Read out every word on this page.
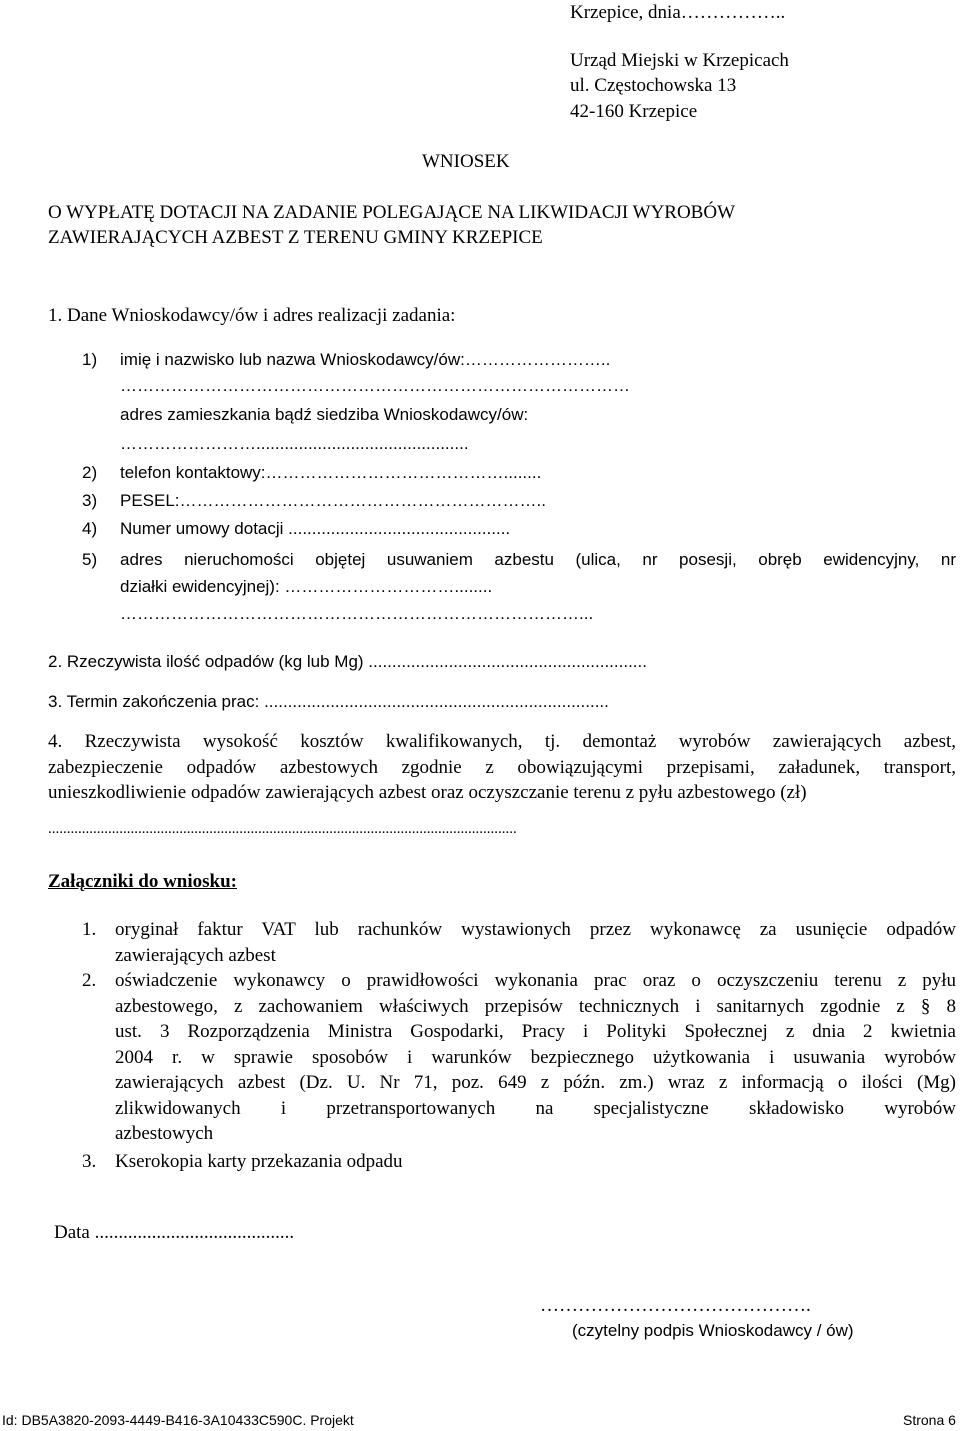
Krzepice, dnia……………..
Urząd Miejski w Krzepicach
ul. Częstochowska 13
42-160 Krzepice
WNIOSEK
O WYPŁATĘ DOTACJI NA ZADANIE POLEGAJĄCE NA LIKWIDACJI WYROBÓW
ZAWIERAJĄCYCH AZBEST Z TERENU GMINY KRZEPICE
1. Dane Wnioskodawcy/ów i adres realizacji zadania:
1) imię i nazwisko lub nazwa Wnioskodawcy/ów:……………………..
………………………………………………………………………………
adres zamieszkania bądź siedziba Wnioskodawcy/ów:
…………………….............................................
2) telefon kontaktowy:……………………………………........
3) PESEL:………………………………………………………..
4) Numer umowy dotacji ...............................................
5) adres nieruchomości objętej usuwaniem azbestu (ulica, nr posesji, obręb ewidencyjny, nr
działki ewidencyjnej): …………………………........
………………………………………………………………………...
2. Rzeczywista ilość odpadów (kg lub Mg) ...........................................................
3. Termin zakończenia prac: .........................................................................
4. Rzeczywista wysokość kosztów kwalifikowanych, tj. demontaż wyrobów zawierających azbest,
zabezpieczenie odpadów azbestowych zgodnie z obowiązującymi przepisami, załadunek, transport,
unieszkodliwienie odpadów zawierających azbest oraz oczyszczanie terenu z pyłu azbestowego (zł)
.............................................................................................................................
Załączniki do wniosku:
1. oryginał faktur VAT lub rachunków wystawionych przez wykonawcę za usunięcie odpadów
zawierających azbest
2. oświadczenie wykonawcy o prawidłowości wykonania prac oraz o oczyszczeniu terenu z pyłu
azbestowego, z zachowaniem właściwych przepisów technicznych i sanitarnych zgodnie z § 8
ust. 3 Rozporządzenia Ministra Gospodarki, Pracy i Polityki Społecznej z dnia 2 kwietnia
2004 r. w sprawie sposobów i warunków bezpiecznego użytkowania i usuwania wyrobów
zawierających azbest (Dz. U. Nr 71, poz. 649 z późn. zm.) wraz z informacją o ilości (Mg)
zlikwidowanych i przetransportowanych na specjalistyczne składowisko wyrobów
azbestowych
3. Kserokopia karty przekazania odpadu
Data ..........................................
…………………………………….
(czytelny podpis Wnioskodawcy / ów)
Id: DB5A3820-2093-4449-B416-3A10433C590C. Projekt	Strona 6
